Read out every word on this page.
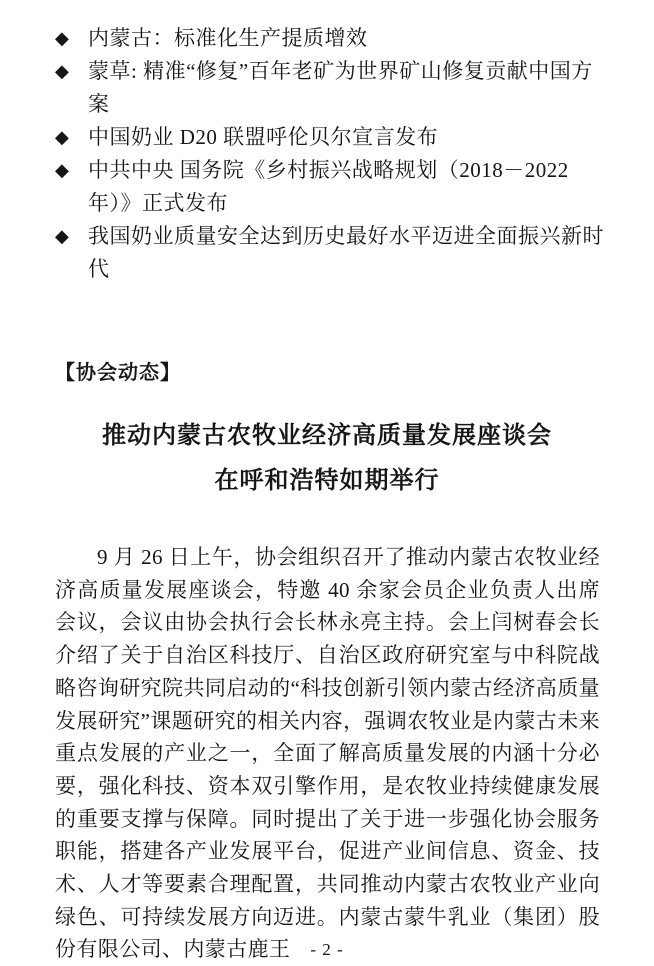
◆ 内蒙古：标准化生产提质增效
◆ 蒙草: 精准“修复”百年老矿为世界矿山修复贡献中国方案
◆ 中国奶业 D20 联盟呼伦贝尔宣言发布
◆ 中共中央 国务院《乡村振兴战略规划（2018－2022 年）》正式发布
◆ 我国奶业质量安全达到历史最好水平迈进全面振兴新时代
【协会动态】
推动内蒙古农牧业经济高质量发展座谈会
在呼和浩特如期举行
9 月 26 日上午，协会组织召开了推动内蒙古农牧业经济高质量发展座谈会，特邀 40 余家会员企业负责人出席会议，会议由协会执行会长林永亮主持。会上闫树春会长介绍了关于自治区科技厅、自治区政府研究室与中科院战略咨询研究院共同启动的“科技创新引领内蒙古经济高质量发展研究”课题研究的相关内容，强调农牧业是内蒙古未来重点发展的产业之一，全面了解高质量发展的内涵十分必要，强化科技、资本双引擎作用，是农牧业持续健康发展的重要支撑与保障。同时提出了关于进一步强化协会服务职能，搭建各产业发展平台，促进产业间信息、资金、技术、人才等要素合理配置，共同推动内蒙古农牧业产业向绿色、可持续发展方向迈进。内蒙古蒙牛乳业（集团）股份有限公司、内蒙古鹿王	- 2 -
